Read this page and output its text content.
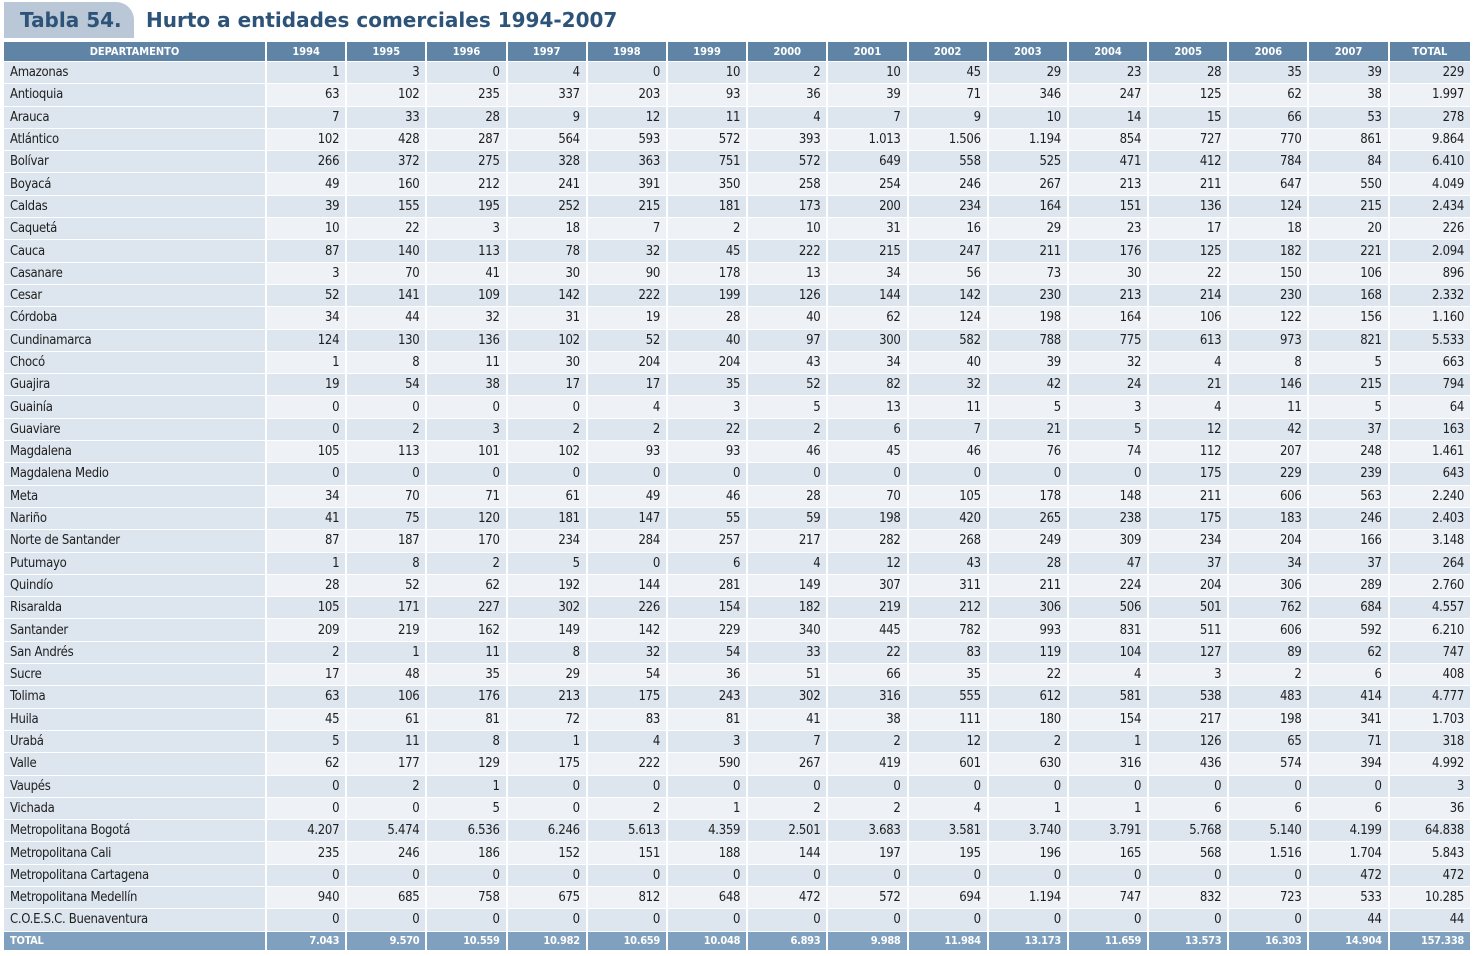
Tabla 54.	Hurto a entidades comerciales 1994-2007
DEPARTAMENTO	1994	1995	1996	1997	1998	1999	2000	2001	2002	2003	2004	2005	2006	2007	TOTAL
Amazonas	1	3	0	4	0	10	2	10	45	29	23	28	35	39	229
Antioquia	63	102	235	337	203	93	36	39	71	346	247	125	62	38	1.997
Arauca	7	33	28	9	12	11	4	7	9	10	14	15	66	53	278
Atlántico	102	428	287	564	593	572	393	1.013	1.506	1.194	854	727	770	861	9.864
Bolívar	266	372	275	328	363	751	572	649	558	525	471	412	784	84	6.410
Boyacá	49	160	212	241	391	350	258	254	246	267	213	211	647	550	4.049
Caldas	39	155	195	252	215	181	173	200	234	164	151	136	124	215	2.434
Caquetá	10	22	3	18	7	2	10	31	16	29	23	17	18	20	226
Cauca	87	140	113	78	32	45	222	215	247	211	176	125	182	221	2.094
Casanare	3	70	41	30	90	178	13	34	56	73	30	22	150	106	896
Cesar	52	141	109	142	222	199	126	144	142	230	213	214	230	168	2.332
Córdoba	34	44	32	31	19	28	40	62	124	198	164	106	122	156	1.160
Cundinamarca	124	130	136	102	52	40	97	300	582	788	775	613	973	821	5.533
Chocó	1	8	11	30	204	204	43	34	40	39	32	4	8	5	663
Guajira	19	54	38	17	17	35	52	82	32	42	24	21	146	215	794
Guainía	0	0	0	0	4	3	5	13	11	5	3	4	11	5	64
Guaviare	0	2	3	2	2	22	2	6	7	21	5	12	42	37	163
Magdalena	105	113	101	102	93	93	46	45	46	76	74	112	207	248	1.461
Magdalena Medio	0	0	0	0	0	0	0	0	0	0	0	175	229	239	643
Meta	34	70	71	61	49	46	28	70	105	178	148	211	606	563	2.240
Nariño	41	75	120	181	147	55	59	198	420	265	238	175	183	246	2.403
Norte de Santander	87	187	170	234	284	257	217	282	268	249	309	234	204	166	3.148
Putumayo	1	8	2	5	0	6	4	12	43	28	47	37	34	37	264
Quindío	28	52	62	192	144	281	149	307	311	211	224	204	306	289	2.760
Risaralda	105	171	227	302	226	154	182	219	212	306	506	501	762	684	4.557
Santander	209	219	162	149	142	229	340	445	782	993	831	511	606	592	6.210
San Andrés	2	1	11	8	32	54	33	22	83	119	104	127	89	62	747
Sucre	17	48	35	29	54	36	51	66	35	22	4	3	2	6	408
Tolima	63	106	176	213	175	243	302	316	555	612	581	538	483	414	4.777
Huila	45	61	81	72	83	81	41	38	111	180	154	217	198	341	1.703
Urabá	5	11	8	1	4	3	7	2	12	2	1	126	65	71	318
Valle	62	177	129	175	222	590	267	419	601	630	316	436	574	394	4.992
Vaupés	0	2	1	0	0	0	0	0	0	0	0	0	0	0	3
Vichada	0	0	5	0	2	1	2	2	4	1	1	6	6	6	36
Metropolitana Bogotá	4.207	5.474	6.536	6.246	5.613	4.359	2.501	3.683	3.581	3.740	3.791	5.768	5.140	4.199	64.838
Metropolitana Cali	235	246	186	152	151	188	144	197	195	196	165	568	1.516	1.704	5.843
Metropolitana Cartagena	0	0	0	0	0	0	0	0	0	0	0	0	0	472	472
Metropolitana Medellín	940	685	758	675	812	648	472	572	694	1.194	747	832	723	533	10.285
C.O.E.S.C. Buenaventura	0	0	0	0	0	0	0	0	0	0	0	0	0	44	44
TOTAL	7.043	9.570	10.559	10.982	10.659	10.048	6.893	9.988	11.984	13.173	11.659	13.573	16.303	14.904	157.338
